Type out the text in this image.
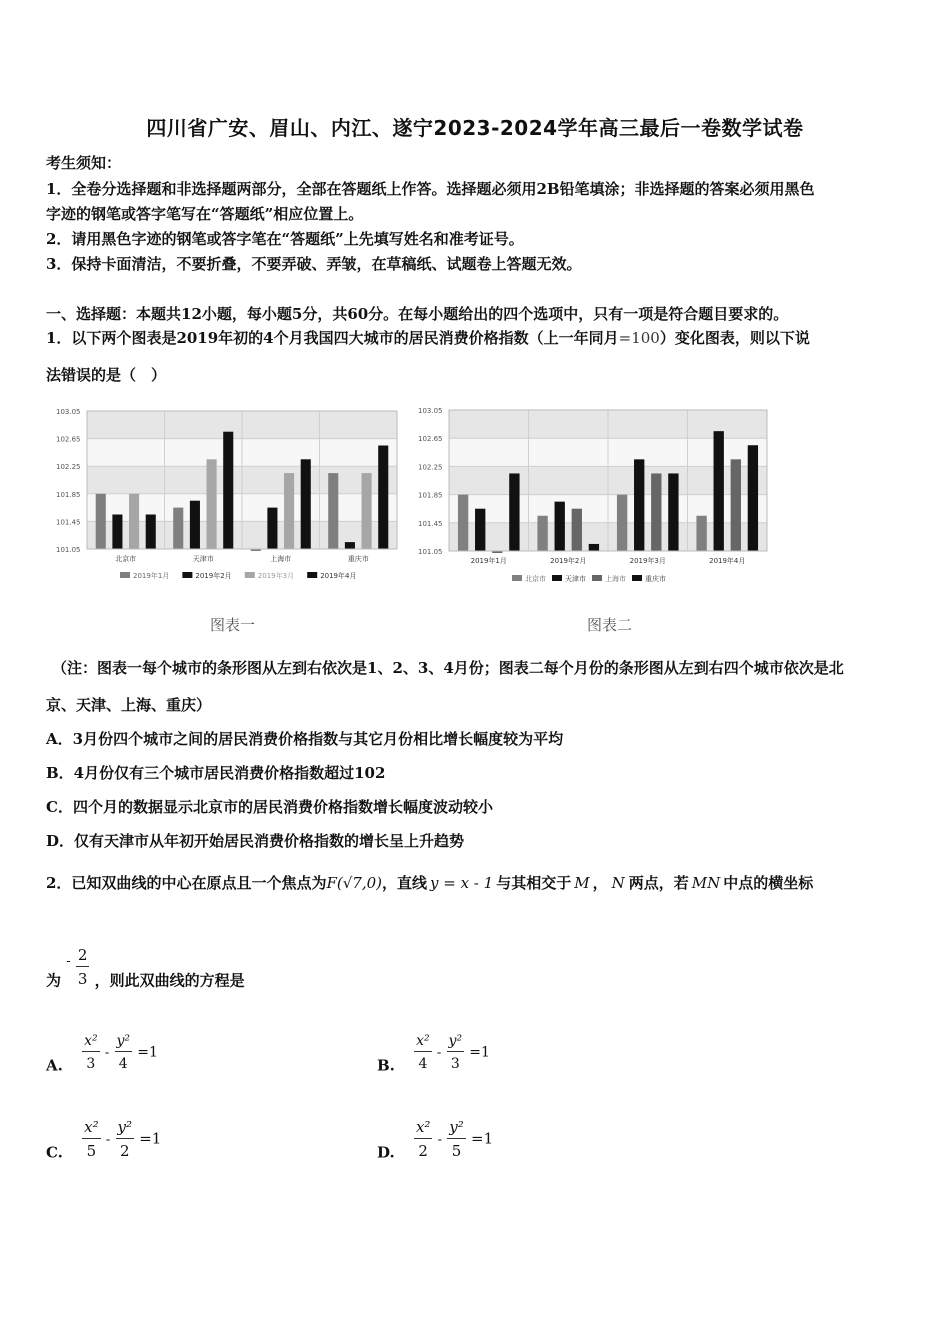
四川省广安、眉山、内江、遂宁2023-2024学年高三最后一卷数学试卷
考生须知：
1．全卷分选择题和非选择题两部分，全部在答题纸上作答。选择题必须用2B铅笔填涂；非选择题的答案必须用黑色
字迹的钢笔或答字笔写在“答题纸”相应位置上。
2．请用黑色字迹的钢笔或答字笔在“答题纸”上先填写姓名和准考证号。
3．保持卡面清洁，不要折叠，不要弄破、弄皱，在草稿纸、试题卷上答题无效。
一、选择题：本题共12小题，每小题5分，共60分。在每小题给出的四个选项中，只有一项是符合题目要求的。
1．以下两个图表是2019年初的4个月我国四大城市的居民消费价格指数（上一年同月=100）变化图表，则以下说
法错误的是（　）
103.05
102.65
102.25
101.85
101.45
101.05
北京市	天津市	上海市	重庆市
2019年1月	2019年2月	2019年3月	2019年4月
103.05
102.65
102.25
101.85
101.45
101.05
2019年1月	2019年2月	2019年3月	2019年4月
北京市	天津市	上海市	重庆市
图表一	图表二
（注：图表一每个城市的条形图从左到右依次是1、2、3、4月份；图表二每个月份的条形图从左到右四个城市依次是北
京、天津、上海、重庆）
A．3月份四个城市之间的居民消费价格指数与其它月份相比增长幅度较为平均
B．4月份仅有三个城市居民消费价格指数超过102
C．四个月的数据显示北京市的居民消费价格指数增长幅度波动较小
D．仅有天津市从年初开始居民消费价格指数的增长呈上升趋势
2．已知双曲线的中心在原点且一个焦点为F(√7,0)，直线 y = x - 1 与其相交于 M ， N 两点，若 MN 中点的横坐标
为 - $\frac{2}{3}$ ，则此双曲线的方程是
A. $\frac{\text{x²}}{3} - \frac{\text{y²}}{4} =1$
B. $\frac{\text{x²}}{4} - \frac{\text{y²}}{3} =1$
C. $\frac{\text{x²}}{5} - \frac{\text{y²}}{2} =1$
D. $\frac{\text{x²}}{2} - \frac{\text{y²}}{5} =1$
